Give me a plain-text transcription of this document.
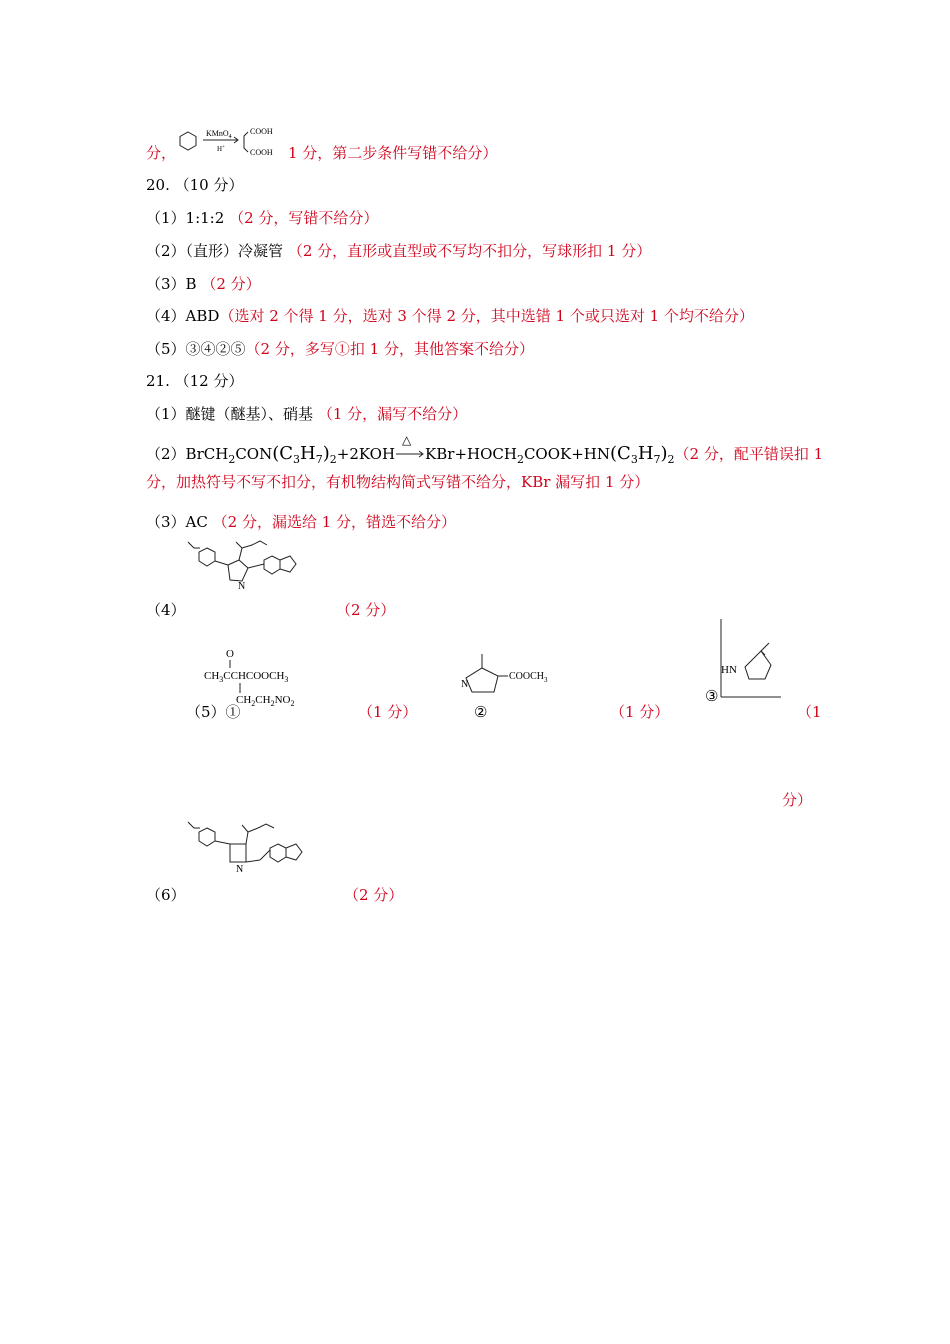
分，
KMnO$_4$
H+
COOH
COOH 1 分，第二步条件写错不给分）
20. （10 分）
（1）1:1:2 （2 分，写错不给分）
（2）（直形）冷凝管 （2 分，直形或直型或不写均不扣分，写球形扣 1 分）
（3）B （2 分）
（4）ABD（选对 2 个得 1 分，选对 3 个得 2 分，其中选错 1 个或只选对 1 个均不给分）
（5）③④②⑤（2 分，多写①扣 1 分，其他答案不给分）
21. （12 分）
（1）醚键（醚基）、硝基 （1 分，漏写不给分）
$(2)BrCH_2CON(C_3H_7)_2+2KOH$
△
$KBr+HOCH_2COOK+HN(C_3H_7)_2(2$ 分，配平错误扣 1
分，加热符号不写不扣分，有机物结构简式写错不给分，KBr 漏写扣 1 分）
（3）AC （2 分，漏选给 1 分，错选不给分）
N
（4）	（2 分）
O
$CH_3CCHCOOCH_3$
$CH_2CH_2NO_2$
（5）①	（1 分）
N
$COOCH_3$
②	（1 分）
HN
③
（1
分）
N
（6）	（2 分）
